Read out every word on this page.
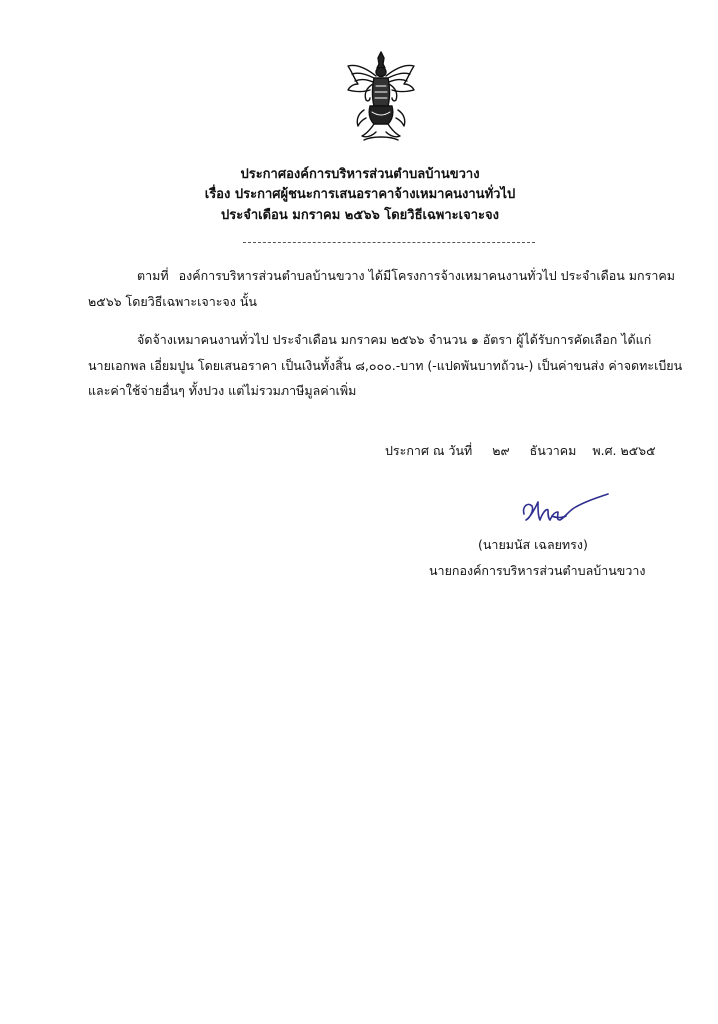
ประกาศองค์การบริหารส่วนตำบลบ้านขวาง
เรื่อง ประกาศผู้ชนะการเสนอราคาจ้างเหมาคนงานทั่วไป
ประจำเดือน มกราคม ๒๕๖๖ โดยวิธีเฉพาะเจาะจง
ตามที่ องค์การบริหารส่วนตำบลบ้านขวาง ได้มีโครงการจ้างเหมาคนงานทั่วไป ประจำเดือน มกราคม
๒๕๖๖ โดยวิธีเฉพาะเจาะจง นั้น
จัดจ้างเหมาคนงานทั่วไป ประจำเดือน มกราคม ๒๕๖๖ จำนวน ๑ อัตรา ผู้ได้รับการคัดเลือก ได้แก่
นายเอกพล เอี่ยมปูน โดยเสนอราคา เป็นเงินทั้งสิ้น ๘,๐๐๐.-บาท (-แปดพันบาทถ้วน-) เป็นค่าขนส่ง ค่าจดทะเบียน
และค่าใช้จ่ายอื่นๆ ทั้งปวง แต่ไม่รวมภาษีมูลค่าเพิ่ม
ประกาศ ณ วันที่ ๒๙ ธันวาคม พ.ศ. ๒๕๖๕
(นายมนัส เฉลยทรง)
นายกองค์การบริหารส่วนตำบลบ้านขวาง
